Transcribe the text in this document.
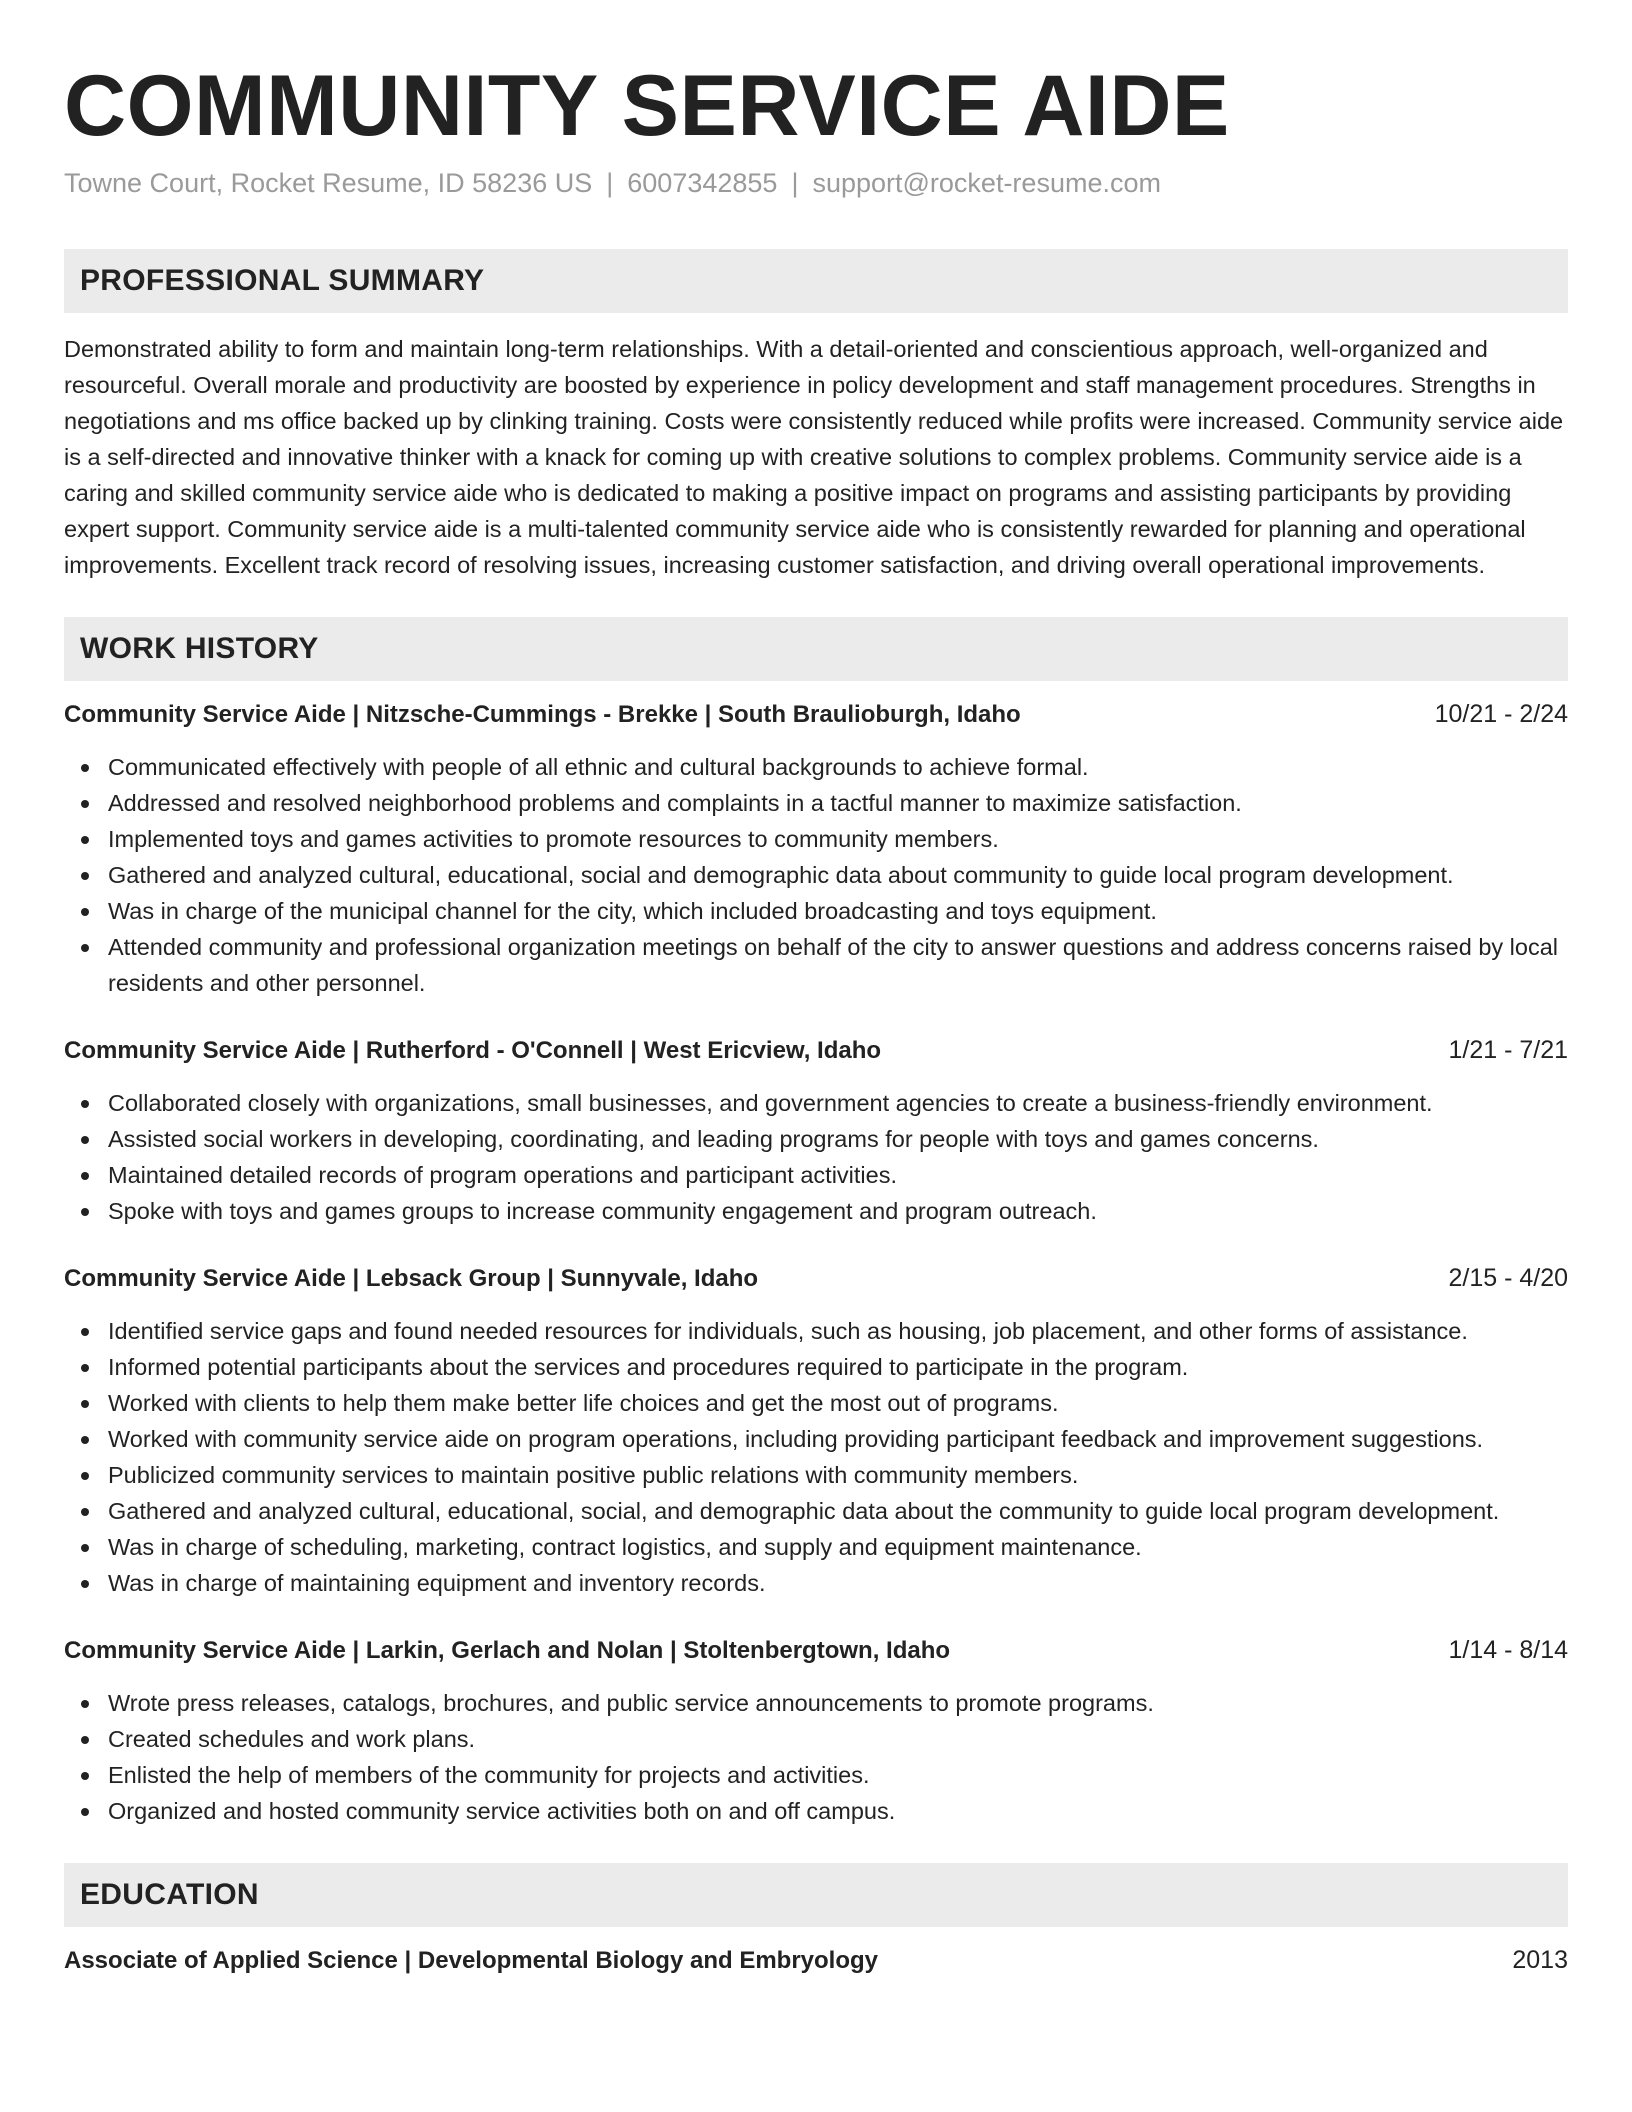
COMMUNITY SERVICE AIDE
Towne Court, Rocket Resume, ID 58236 US | 6007342855 | support@rocket-resume.com
PROFESSIONAL SUMMARY
Demonstrated ability to form and maintain long-term relationships. With a detail-oriented and conscientious approach, well-organized and resourceful. Overall morale and productivity are boosted by experience in policy development and staff management procedures. Strengths in negotiations and ms office backed up by clinking training. Costs were consistently reduced while profits were increased. Community service aide is a self-directed and innovative thinker with a knack for coming up with creative solutions to complex problems. Community service aide is a caring and skilled community service aide who is dedicated to making a positive impact on programs and assisting participants by providing expert support. Community service aide is a multi-talented community service aide who is consistently rewarded for planning and operational improvements. Excellent track record of resolving issues, increasing customer satisfaction, and driving overall operational improvements.
WORK HISTORY
Community Service Aide | Nitzsche-Cummings - Brekke | South Braulioburgh, Idaho	10/21 - 2/24
Communicated effectively with people of all ethnic and cultural backgrounds to achieve formal.
Addressed and resolved neighborhood problems and complaints in a tactful manner to maximize satisfaction.
Implemented toys and games activities to promote resources to community members.
Gathered and analyzed cultural, educational, social and demographic data about community to guide local program development.
Was in charge of the municipal channel for the city, which included broadcasting and toys equipment.
Attended community and professional organization meetings on behalf of the city to answer questions and address concerns raised by local residents and other personnel.
Community Service Aide | Rutherford - O'Connell | West Ericview, Idaho	1/21 - 7/21
Collaborated closely with organizations, small businesses, and government agencies to create a business-friendly environment.
Assisted social workers in developing, coordinating, and leading programs for people with toys and games concerns.
Maintained detailed records of program operations and participant activities.
Spoke with toys and games groups to increase community engagement and program outreach.
Community Service Aide | Lebsack Group | Sunnyvale, Idaho	2/15 - 4/20
Identified service gaps and found needed resources for individuals, such as housing, job placement, and other forms of assistance.
Informed potential participants about the services and procedures required to participate in the program.
Worked with clients to help them make better life choices and get the most out of programs.
Worked with community service aide on program operations, including providing participant feedback and improvement suggestions.
Publicized community services to maintain positive public relations with community members.
Gathered and analyzed cultural, educational, social, and demographic data about the community to guide local program development.
Was in charge of scheduling, marketing, contract logistics, and supply and equipment maintenance.
Was in charge of maintaining equipment and inventory records.
Community Service Aide | Larkin, Gerlach and Nolan | Stoltenbergtown, Idaho	1/14 - 8/14
Wrote press releases, catalogs, brochures, and public service announcements to promote programs.
Created schedules and work plans.
Enlisted the help of members of the community for projects and activities.
Organized and hosted community service activities both on and off campus.
EDUCATION
Associate of Applied Science | Developmental Biology and Embryology	2013
